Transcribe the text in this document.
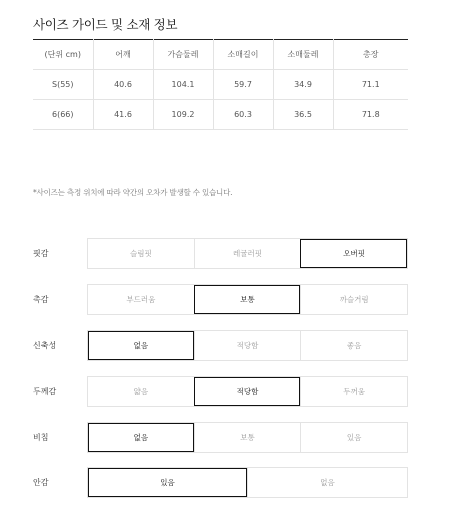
사이즈 가이드 및 소재 정보
(단위 cm)	어깨	가슴둘레	소매길이	소매둘레	총장
S(55)	40.6	104.1	59.7	34.9	71.1
6(66)	41.6	109.2	60.3	36.5	71.8
*사이즈는 측정 위치에 따라 약간의 오차가 발생할 수 있습니다.
핏감	슬림핏	레귤러핏	오버핏
촉감	부드러움	보통	까슬거림
신축성	없음	적당함	좋음
두께감	얇음	적당함	두꺼움
비침	없음	보통	있음
안감	있음	없음
